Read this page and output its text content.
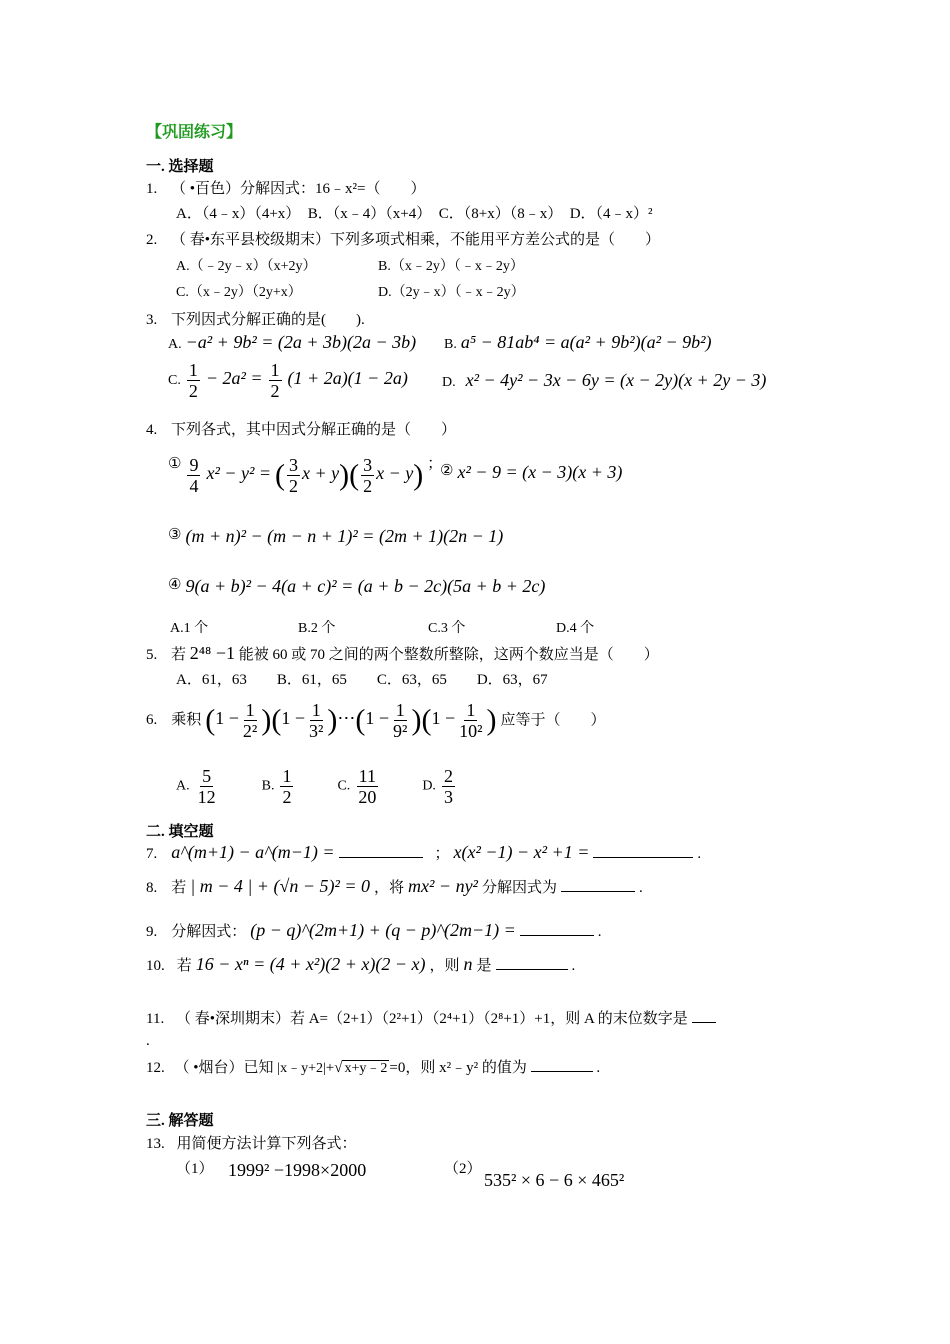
【巩固练习】
一. 选择题
1. （ •百色）分解因式：16﹣x²=（　　）
A．（4﹣x）（4+x）　B．（x﹣4）（x+4）　C．（8+x）（8﹣x）　D．（4﹣x）²
2. （ 春•东平县校级期末）下列多项式相乘，不能用平方差公式的是（　　）
A.（﹣2y﹣x）（x+2y）	B.（x﹣2y）（﹣x﹣2y）
C.（x﹣2y）（2y+x）	D.（2y﹣x）（﹣x﹣2y）
3. 下列因式分解正确的是(　　).
A. −a² + 9b² = (2a + 3b)(2a − 3b) B. a⁵ − 81ab⁴ = a(a² + 9b²)(a² − 9b²)
C. $\frac{1}{2} - 2a^2 = \frac{1}{2} (1 + 2a)(1 - 2a)$ D. x² − 4y² − 3x − 6y = (x − 2y)(x + 2y − 3)
4. 下列各式，其中因式分解正确的是（　　）
① $\frac{9}{4} x^2 - y^2$ = ( $\frac{3}{2}$ $x + y)( \frac{3}{2}$ x − y) ；
② x² − 9 = (x − 3)(x + 3)
③ (m + n)² − (m − n + 1)² = (2m + 1)(2n − 1)
④ 9(a + b)² − 4(a + c)² = (a + b − 2c)(5a + b + 2c)
A.1 个	B.2 个	C.3 个	D.4 个
5. 若 2⁴⁸ −1 能被 60 或 70 之间的两个整数所整除，这两个数应当是（　　）
A．61，63　　B．61，65　　C．63，65　　D．63，67
6. 乘积 $(1 - \frac{1}{\text{2²}} )(1 - \frac{1}{\text{3²}}$ )⋯(1 − $\frac{1}{\text{9²}} )(1 - \frac{1}{\text{10²}}$ ) 应等于（　　）
A. $\frac{5}{12}$	B. $\frac{1}{2}$	C. $\frac{11}{20}$	D. $\frac{2}{3}$
二. 填空题
7. a^(m+1) − a^(m−1) =	； x(x² −1) − x² +1 =	.
8. 若 | m − 4 | + (√n − 5)² = 0 ，将 mx² − ny² 分解因式为	.
9. 分解因式： (p − q)^(2m+1) + (q − p)^(2m−1) =	.
10. 若 16 − xⁿ = (4 + x²)(2 + x)(2 − x) ，则 n 是	.
11. （ 春•深圳期末）若 A=（2+1）（2²+1）（2⁴+1）（2⁸+1）+1，则 A 的末位数字是
.
12. （ •烟台）已知 |x﹣y+2|+√ x+y﹣2 =0，则 x²﹣y² 的值为	.
三. 解答题
13. 用简便方法计算下列各式：
（1） 1999² −1998×2000	（2）
535² × 6 − 6 × 465²
